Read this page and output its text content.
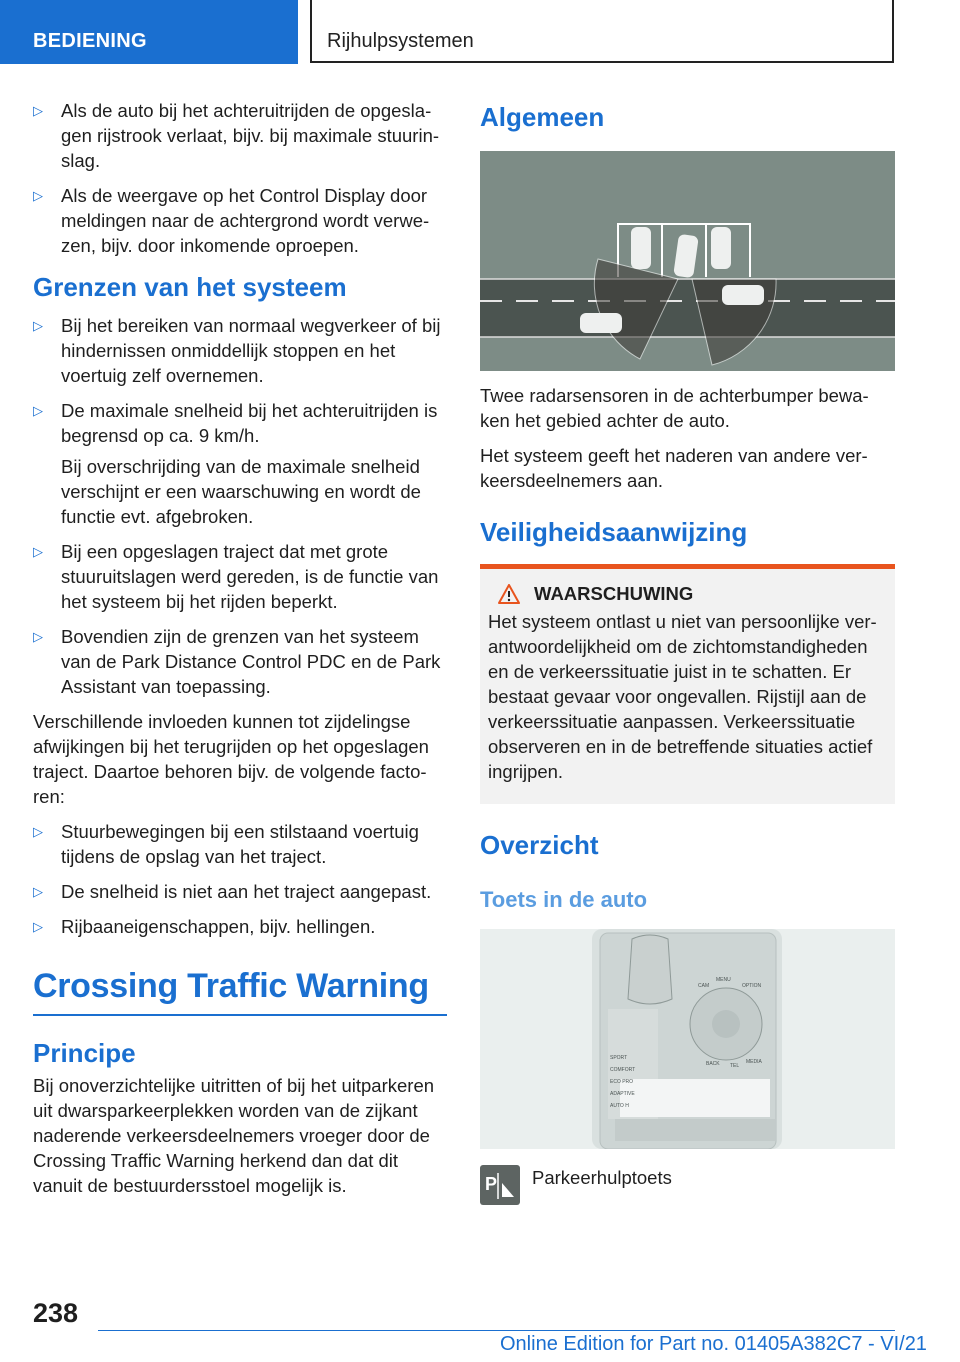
BEDIENING	Rijhulpsystemen
▷ Als de auto bij het achteruitrijden de opgesla-gen rijstrook verlaat, bijv. bij maximale stuurin-slag.
▷ Als de weergave op het Control Display door meldingen naar de achtergrond wordt verwe-zen, bijv. door inkomende oproepen.
Grenzen van het systeem
▷ Bij het bereiken van normaal wegverkeer of bij hindernissen onmiddellijk stoppen en het voertuig zelf overnemen.
▷ De maximale snelheid bij het achteruitrijden is begrensd op ca. 9 km/h.
Bij overschrijding van de maximale snelheid verschijnt er een waarschuwing en wordt de functie evt. afgebroken.
▷ Bij een opgeslagen traject dat met grote stuuruitslagen werd gereden, is de functie van het systeem bij het rijden beperkt.
▷ Bovendien zijn de grenzen van het systeem van de Park Distance Control PDC en de Park Assistant van toepassing.

Verschillende invloeden kunnen tot zijdelingse afwijkingen bij het terugrijden op het opgeslagen traject. Daartoe behoren bijv. de volgende facto-ren:

▷ Stuurbewegingen bij een stilstaand voertuig tijdens de opslag van het traject.
▷ De snelheid is niet aan het traject aangepast.
▷ Rijbaaneigenschappen, bijv. hellingen.
Crossing Traffic Warning
Principe

Bij onoverzichtelijke uitritten of bij het uitparkeren uit dwarsparkeerplekken worden van de zijkant naderende verkeersdeelnemers vroeger door de Crossing Traffic Warning herkend dan dat dit vanuit de bestuurdersstoel mogelijk is.

Algemeen

Twee radarsensoren in de achterbumper bewa-ken het gebied achter de auto.

Het systeem geeft het naderen van andere ver-keersdeelnemers aan.

Veiligheidsaanwijzing
WAARSCHUWING
Het systeem ontlast u niet van persoonlijke ver-antwoordelijkheid om de zichtomstandigheden en de verkeerssituatie juist in te schatten. Er bestaat gevaar voor ongevallen. Rijstijl aan de verkeerssituatie aanpassen. Verkeerssituatie observeren en in de betreffende situaties actief ingrijpen.
Overzicht
Toets in de auto
SPORT
COMFORT
ECO PRO
ADAPTIVE
AUTO H
CAM
MENU
OPTION
BACK TEL
MEDIA
P Parkeerhulptoets
238
Online Edition for Part no. 01405A382C7 - VI/21
